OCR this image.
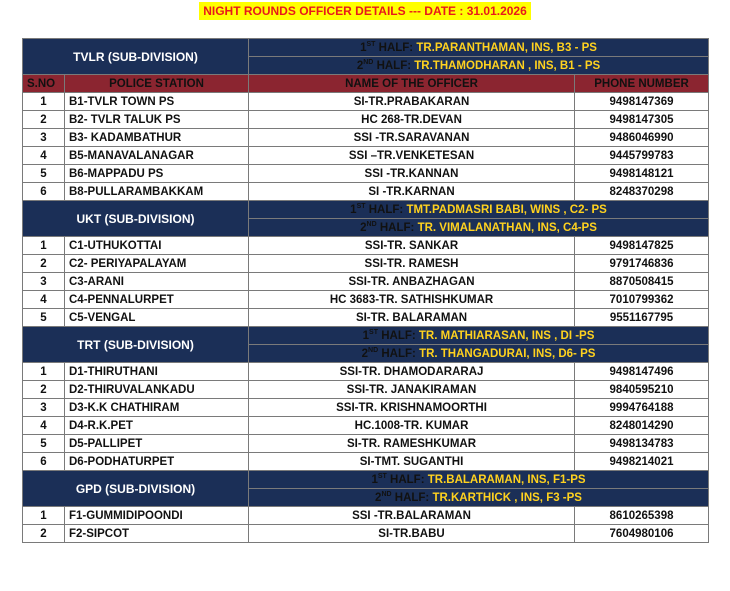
NIGHT ROUNDS OFFICER DETAILS --- DATE : 31.01.2026
TVLR (SUB-DIVISION)		1ST HALF: TR.PARANTHAMAN, INS, B3 - PS	
		2ND HALF: TR.THAMODHARAN , INS, B1 - PS	
S.NO	POLICE STATION	NAME OF THE OFFICER	PHONE NUMBER	
1	B1-TVLR TOWN PS	SI-TR.PRABAKARAN	9498147369	
2	B2- TVLR TALUK PS	HC 268-TR.DEVAN	9498147305	
3	B3- KADAMBATHUR	SSI -TR.SARAVANAN	9486046990	
4	B5-MANAVALANAGAR	SSI –TR.VENKETESAN	9445799783	
5	B6-MAPPADU PS	SSI -TR.KANNAN	9498148121	
6	B8-PULLARAMBAKKAM	SI -TR.KARNAN	8248370298	
UKT (SUB-DIVISION)		1ST HALF: TMT.PADMASRI BABI, WINS , C2- PS	
		2ND HALF: TR. VIMALANATHAN, INS, C4-PS	
1	C1-UTHUKOTTAI	SSI-TR. SANKAR	9498147825	
2	C2- PERIYAPALAYAM	SSI-TR. RAMESH	9791746836	
3	C3-ARANI	SSI-TR. ANBAZHAGAN	8870508415	
4	C4-PENNALURPET	HC 3683-TR. SATHISHKUMAR	7010799362	
5	C5-VENGAL	SI-TR. BALARAMAN	9551167795	
TRT (SUB-DIVISION)		1ST HALF: TR. MATHIARASAN, INS , DI -PS	
		2ND HALF: TR. THANGADURAI, INS, D6- PS	
1	D1-THIRUTHANI	SSI-TR. DHAMODARARAJ	9498147496	
2	D2-THIRUVALANKADU	SSI-TR. JANAKIRAMAN	9840595210	
3	D3-K.K CHATHIRAM	SSI-TR. KRISHNAMOORTHI	9994764188	
4	D4-R.K.PET	HC.1008-TR. KUMAR	8248014290	
5	D5-PALLIPET	SI-TR. RAMESHKUMAR	9498134783	
6	D6-PODHATURPET	SI-TMT. SUGANTHI	9498214021	
GPD (SUB-DIVISION)		1ST HALF: TR.BALARAMAN, INS, F1-PS	
		2ND HALF: TR.KARTHICK , INS, F3 -PS	
1	F1-GUMMIDIPOONDI	SSI -TR.BALARAMAN	8610265398	
2	F2-SIPCOT	SI-TR.BABU	7604980106	
